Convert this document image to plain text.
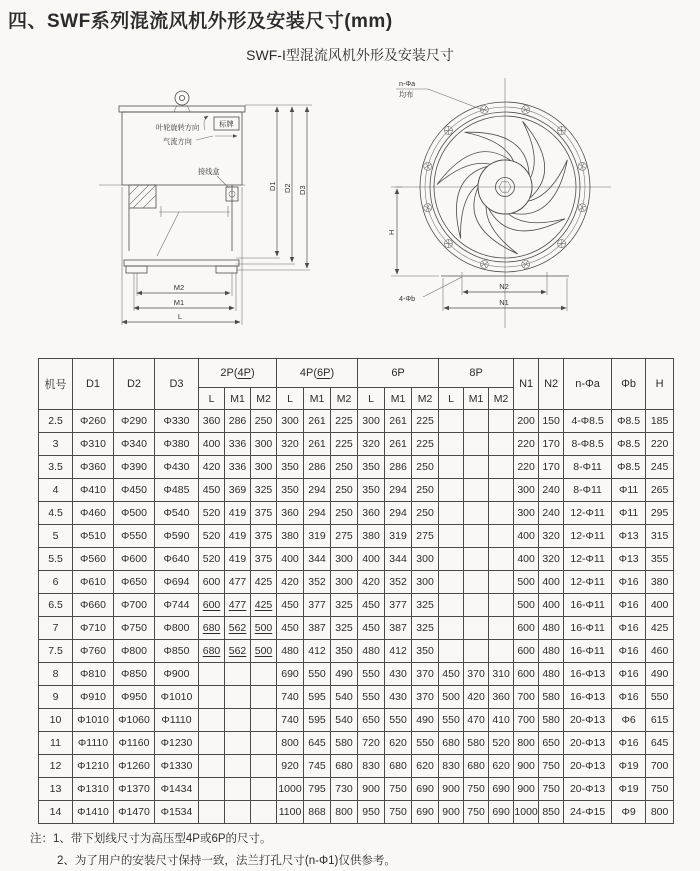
四、SWF系列混流风机外形及安装尺寸(mm)
SWF-I型混流风机外形及安装尺寸
叶轮旋转方向	标牌
气流方向
接线盒
D1 D2 D3
M2
M1
L
H
N2
N1
n-Φa
均布
4-Φb
机号	D1	D2	D3	2P(4P)			4P(6P)			6P			8P			N1	N2	n-Φa	Φb	H
				L	M1	M2	L	M1	M2	L	M1	M2	L	M1	M2					
2.5	Φ260	Φ290	Φ330	360	286	250	300	261	225	300	261	225				200	150	4-Φ8.5	Φ8.5	185
3	Φ310	Φ340	Φ380	400	336	300	320	261	225	320	261	225				220	170	8-Φ8.5	Φ8.5	220
3.5	Φ360	Φ390	Φ430	420	336	300	350	286	250	350	286	250				220	170	8-Φ11	Φ8.5	245
4	Φ410	Φ450	Φ485	450	369	325	350	294	250	350	294	250				300	240	8-Φ11	Φ11	265
4.5	Φ460	Φ500	Φ540	520	419	375	360	294	250	360	294	250				300	240	12-Φ11	Φ11	295
5	Φ510	Φ550	Φ590	520	419	375	380	319	275	380	319	275				400	320	12-Φ11	Φ13	315
5.5	Φ560	Φ600	Φ640	520	419	375	400	344	300	400	344	300				400	320	12-Φ11	Φ13	355
6	Φ610	Φ650	Φ694	600	477	425	420	352	300	420	352	300				500	400	12-Φ11	Φ16	380
6.5	Φ660	Φ700	Φ744	600	477	425	450	377	325	450	377	325				500	400	16-Φ11	Φ16	400
7	Φ710	Φ750	Φ800	680	562	500	450	387	325	450	387	325				600	480	16-Φ11	Φ16	425
7.5	Φ760	Φ800	Φ850	680	562	500	480	412	350	480	412	350				600	480	16-Φ11	Φ16	460
8	Φ810	Φ850	Φ900				690	550	490	550	430	370	450	370	310	600	480	16-Φ13	Φ16	490
9	Φ910	Φ950	Φ1010				740	595	540	550	430	370	500	420	360	700	580	16-Φ13	Φ16	550
10	Φ1010	Φ1060	Φ1110				740	595	540	650	550	490	550	470	410	700	580	20-Φ13	Φ6	615
11	Φ1110	Φ1160	Φ1230				800	645	580	720	620	550	680	580	520	800	650	20-Φ13	Φ16	645
12	Φ1210	Φ1260	Φ1330				920	745	680	830	680	620	830	680	620	900	750	20-Φ13	Φ19	700
13	Φ1310	Φ1370	Φ1434				1000	795	730	900	750	690	900	750	690	900	750	20-Φ13	Φ19	750
14	Φ1410	Φ1470	Φ1534				1100	868	800	950	750	690	900	750	690	1000	850	24-Φ15	Φ9	800
注：1、带下划线尺寸为高压型4P或6P的尺寸。
2、为了用户的安装尺寸保持一致，法兰打孔尺寸(n-Φ1)仅供参考。
